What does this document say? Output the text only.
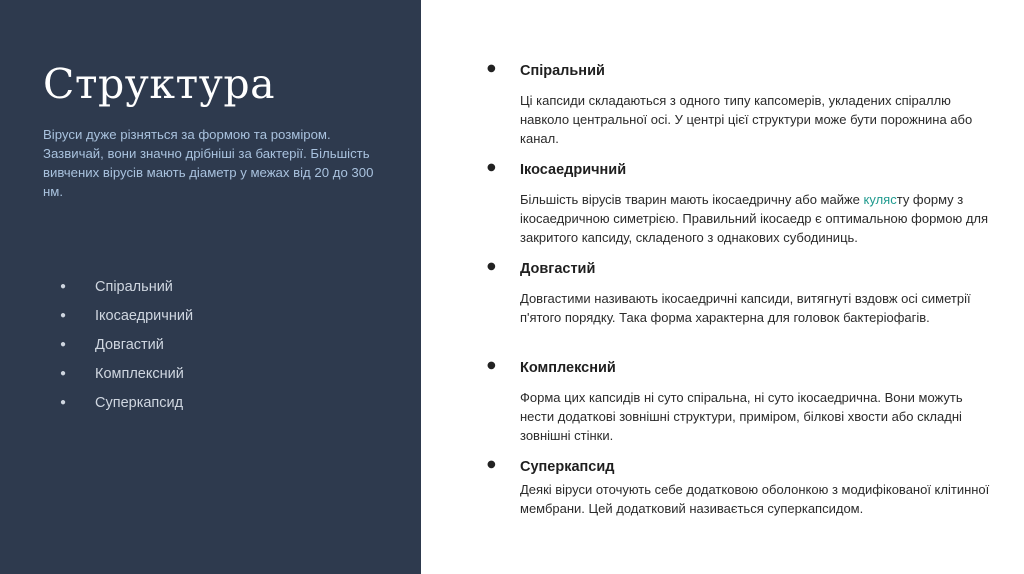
Структура

Віруси дуже різняться за формою та розміром. Зазвичай, вони значно дрібніші за бактерії. Більшість вивчених вірусів мають діаметр у межах від 20 до 300 нм.

● Спіральний
● Ікосаедричний
● Довгастий
● Комплексний
● Суперкапсид
●	Спіральний

Ці капсиди складаються з одного типу капсомерів, укладених спіраллю навколо центральної осі. У центрі цієї структури може бути порожнина або канал.

●	Ікосаедричний

Більшість вірусів тварин мають ікосаедричну або майже кулясту форму з ікосаедричною симетрією. Правильний ікосаедр є оптимальною формою для закритого капсиду, складеного з однакових субодиниць.

●	Довгастий

Довгастими називають ікосаедричні капсиди, витягнуті вздовж осі симетрії п'ятого порядку. Така форма характерна для головок бактеріофагів.

●	Комплексний

Форма цих капсидів ні суто спіральна, ні суто ікосаедрична. Вони можуть нести додаткові зовнішні структури, приміром, білкові хвости або складні зовнішні стінки.

●	Суперкапсид

Деякі віруси оточують себе додатковою оболонкою з модифікованої клітинної мембрани. Цей додатковий називається суперкапсидом.
